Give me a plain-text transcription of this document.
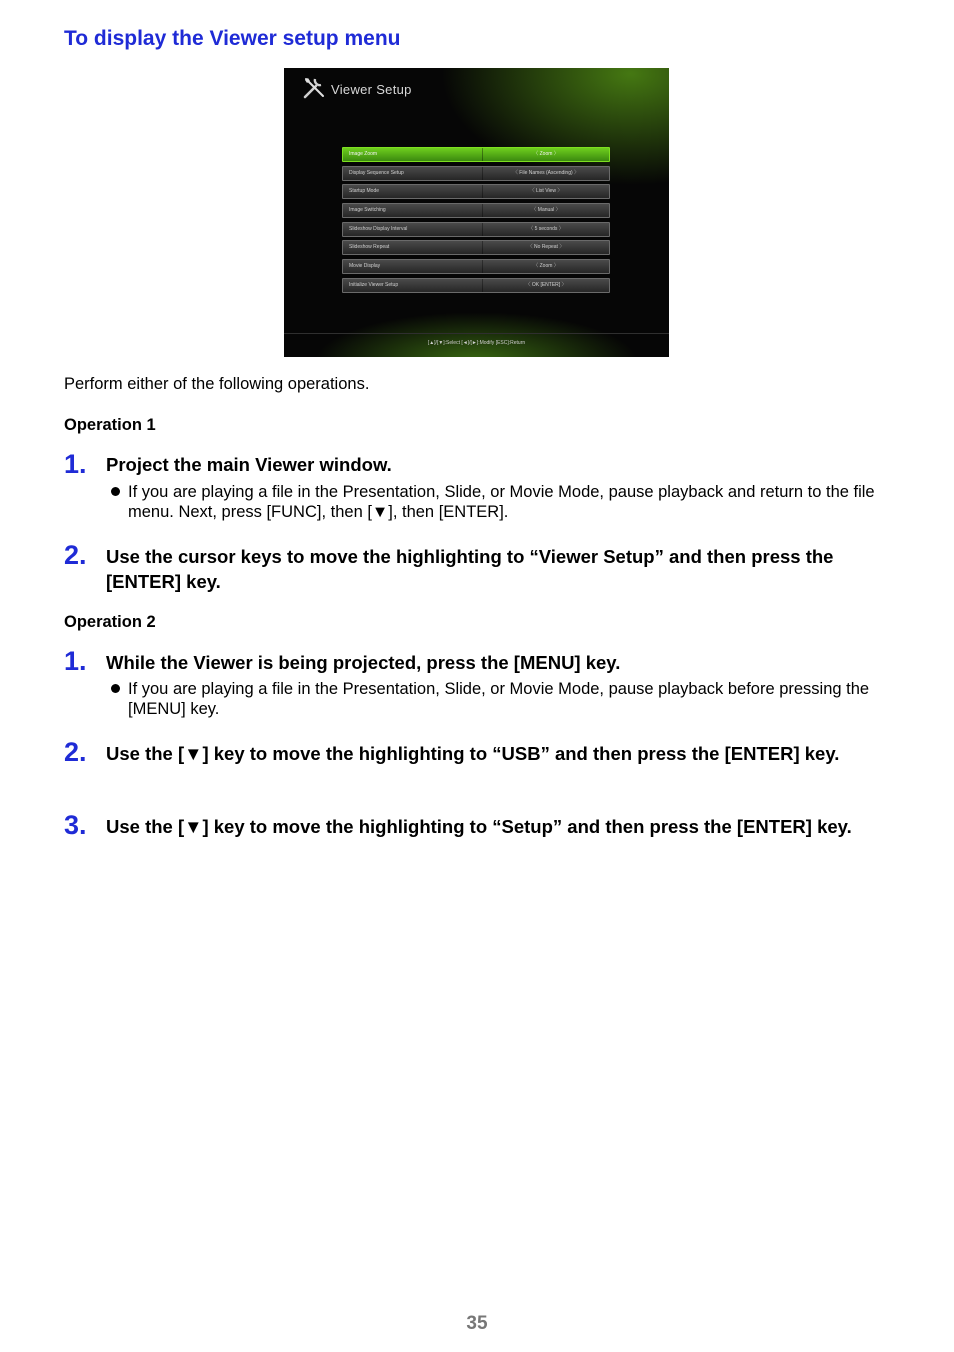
To display the Viewer setup menu
Viewer Setup
Image Zoom	〈 Zoom 〉
Display Sequence Setup	〈 File Names (Ascending) 〉
Startup Mode	〈 List View 〉
Image Switching	〈 Manual 〉
Slideshow Display Interval	〈 5 seconds 〉
Slideshow Repeat	〈 No Repeat 〉
Movie Display	〈 Zoom 〉
Initialize Viewer Setup	〈 OK [ENTER] 〉
[▲]/[▼]:Select [◄]/[►]:Modify [ESC]:Return
Perform either of the following operations.
Operation 1
1. Project the main Viewer window.
If you are playing a file in the Presentation, Slide, or Movie Mode, pause playback and return to the file menu. Next, press [FUNC], then [▼], then [ENTER].
2. Use the cursor keys to move the highlighting to “Viewer Setup” and then press the [ENTER] key.
Operation 2
1. While the Viewer is being projected, press the [MENU] key.
If you are playing a file in the Presentation, Slide, or Movie Mode, pause playback before pressing the [MENU] key.
2. Use the [▼] key to move the highlighting to “USB” and then press the [ENTER] key.
3. Use the [▼] key to move the highlighting to “Setup” and then press the [ENTER] key.
35
